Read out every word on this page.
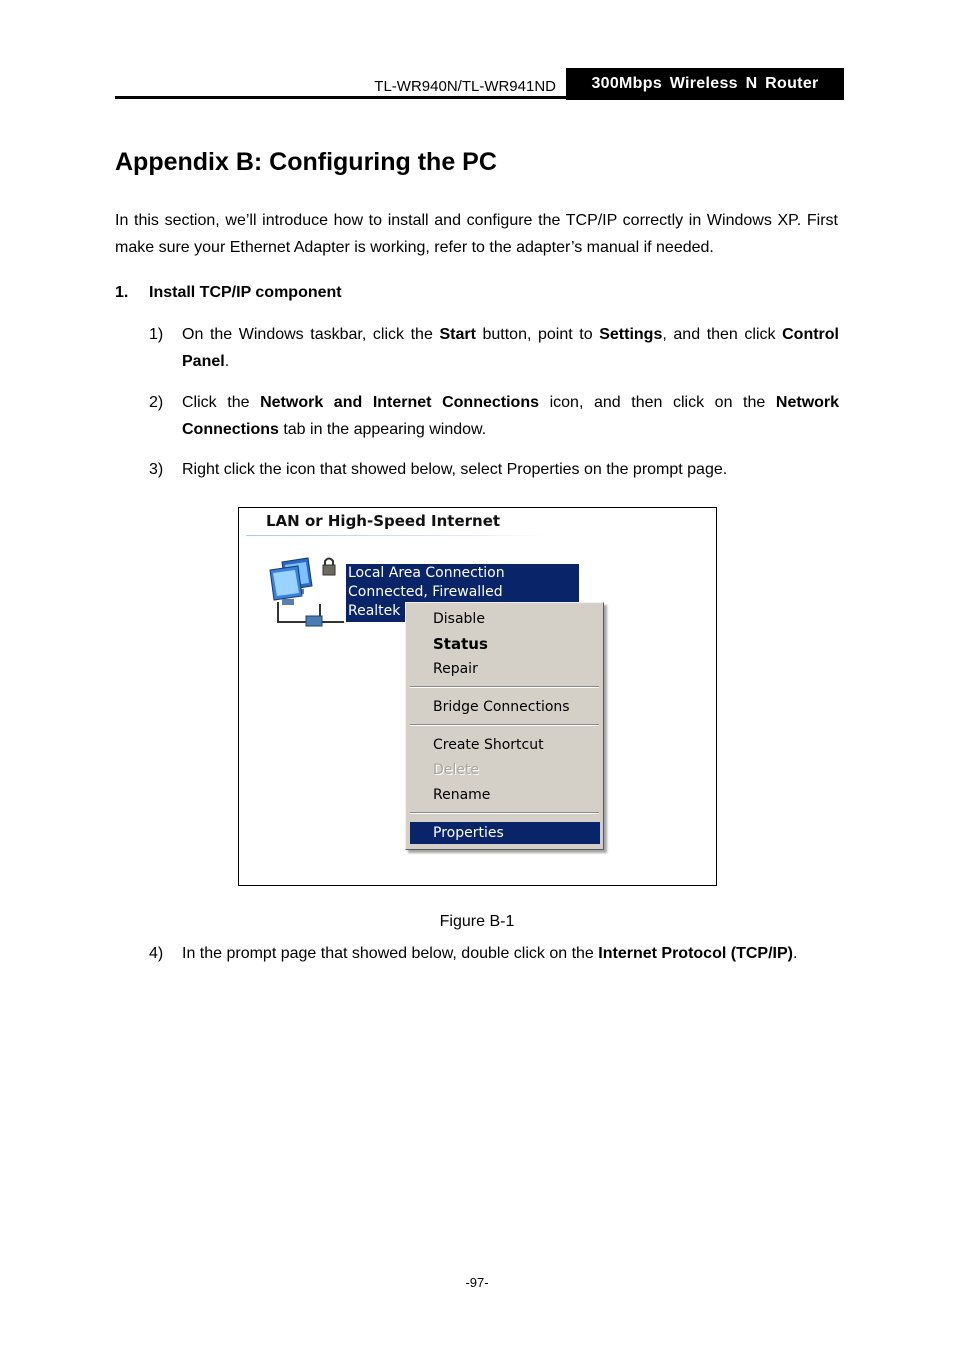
TL-WR940N/TL-WR941ND	300Mbps Wireless N Router
Appendix B: Configuring the PC
In this section, we’ll introduce how to install and configure the TCP/IP correctly in Windows XP. First make sure your Ethernet Adapter is working, refer to the adapter’s manual if needed.
1. Install TCP/IP component
1)	On the Windows taskbar, click the Start button, point to Settings, and then click Control Panel.
2)	Click the Network and Internet Connections icon, and then click on the Network Connections tab in the appearing window.
3)	Right click the icon that showed below, select Properties on the prompt page.
LAN or High-Speed Internet
Local Area Connection
Connected, Firewalled
Realtek Disable
Status
Repair
Bridge Connections
Create Shortcut
Delete
Rename
Properties
Figure B-1
4)	In the prompt page that showed below, double click on the Internet Protocol (TCP/IP).
-97-
